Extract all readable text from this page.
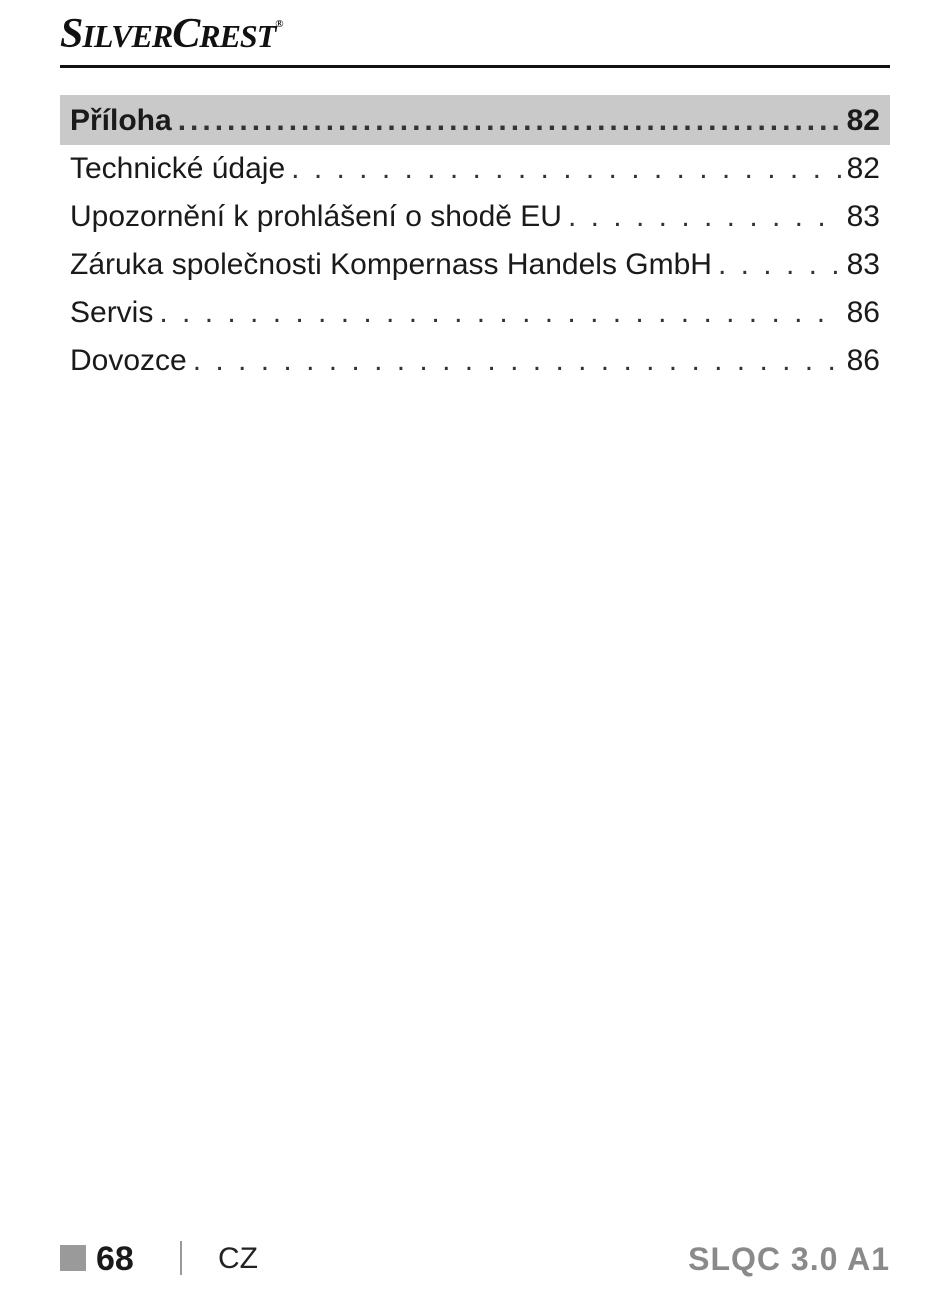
SILVERCREST®
Příloha .....	82
Technické údaje . . .	82
Upozornění k prohlášení o shodě EU . . .	83
Záruka společnosti Kompernass Handels GmbH . . .	83
Servis . . .	86
Dovozce . . .	86
68	CZ	SLQC 3.0 A1
